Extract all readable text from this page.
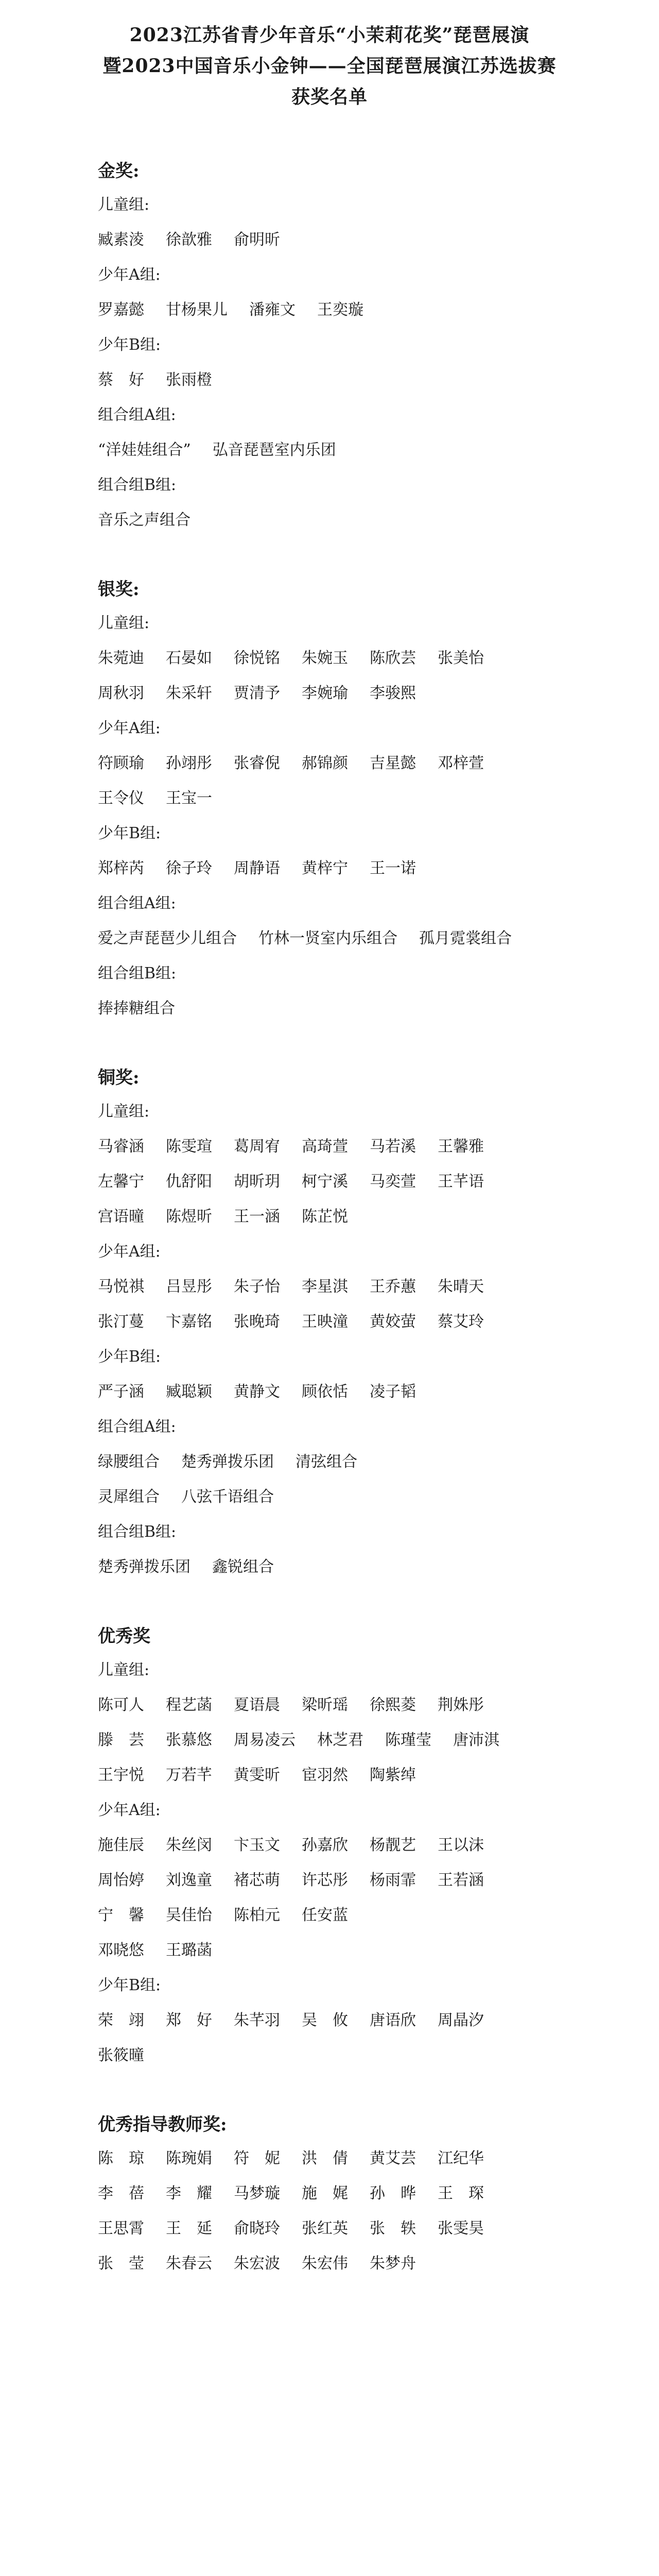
2023江苏省青少年音乐“小茉莉花奖”琵琶展演
暨2023中国音乐小金钟——全国琵琶展演江苏选拔赛
获奖名单
金奖:
儿童组:
臧素淩 徐歆雅 俞明昕
少年A组:
罗嘉懿 甘杨果儿 潘雍文 王奕璇
少年B组:
蔡　好 张雨橙
组合组A组:
“洋娃娃组合” 弘音琵琶室内乐团
组合组B组:
音乐之声组合
银奖:
儿童组:
朱菀迪 石晏如 徐悦铭 朱婉玉 陈欣芸 张美怡
周秋羽 朱采轩 贾清予 李婉瑜 李骏熙
少年A组:
符顾瑜 孙翊彤 张睿倪 郝锦颜 吉星懿 邓梓萱
王令仪 王宝一
少年B组:
郑梓芮 徐子玲 周静语 黄梓宁 王一诺
组合组A组:
爱之声琵琶少儿组合 竹林一贤室内乐组合 孤月霓裳组合
组合组B组:
捧捧糖组合
铜奖:
儿童组:
马睿涵 陈雯瑄 葛周宥 高琦萱 马若溪 王馨雅
左馨宁 仇舒阳 胡昕玥 柯宁溪 马奕萱 王芊语
宫语曈 陈煜昕 王一涵 陈芷悦
少年A组:
马悦祺 吕昱彤 朱子怡 李星淇 王乔蕙 朱晴天
张汀蔓 卞嘉铭 张晚琦 王映潼 黄姣萤 蔡艾玲
少年B组:
严子涵 臧聪颖 黄静文 顾依恬 凌子韬
组合组A组:
绿腰组合 楚秀弹拨乐团 清弦组合
灵犀组合 八弦千语组合
组合组B组:
楚秀弹拨乐团 鑫锐组合
优秀奖
儿童组:
陈可人 程艺菡 夏语晨 梁昕瑶 徐熙菱 荆姝彤
滕　芸 张慕悠 周易凌云 林芝君 陈瑾莹 唐沛淇
王宇悦 万若芊 黄雯昕 宦羽然 陶紫绰
少年A组:
施佳辰 朱丝闵 卞玉文 孙嘉欣 杨靓艺 王以沫
周怡婷 刘逸童 褚芯萌 许芯彤 杨雨霏 王若涵
宁　馨 吴佳怡 陈柏元 任安蓝
邓晓悠 王璐菡
少年B组:
荣　翊 郑　好 朱芊羽 吴　攸 唐语欣 周晶汐
张筱曈
优秀指导教师奖:
陈　琼 陈琬娟 符　妮 洪　倩 黄艾芸 江纪华
李　蓓 李　耀 马梦璇 施　娓 孙　晔 王　琛
王思霄 王　延 俞晓玲 张红英 张　轶 张雯昊
张　莹 朱春云 朱宏波 朱宏伟 朱梦舟
